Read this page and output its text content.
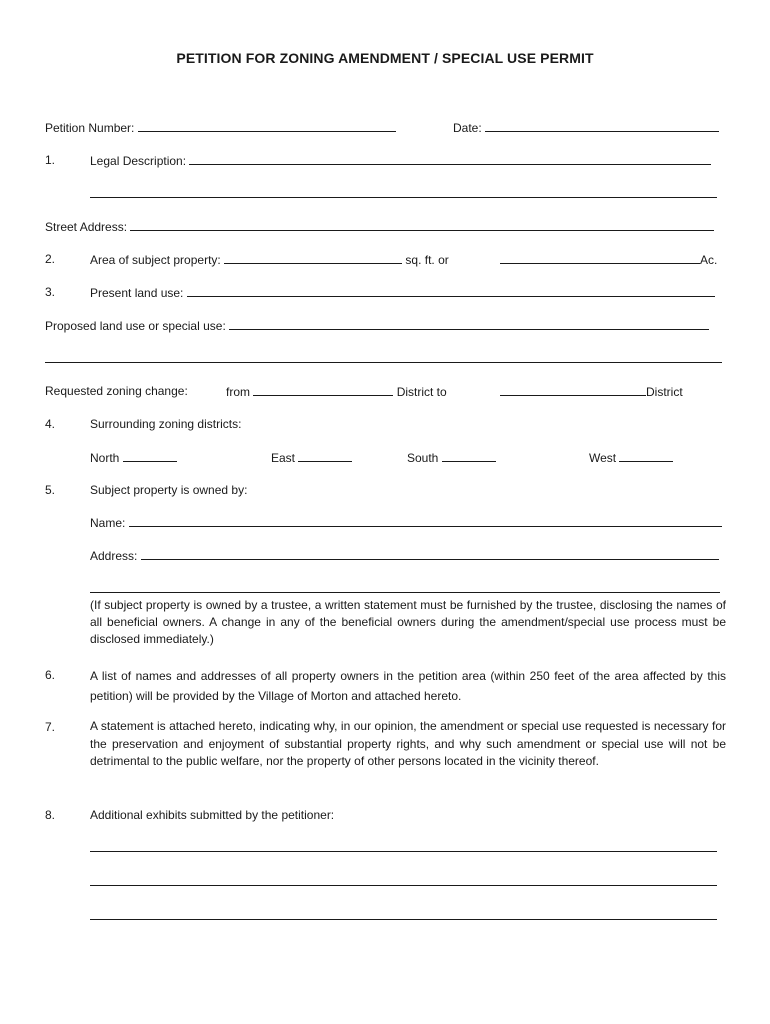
PETITION FOR ZONING AMENDMENT / SPECIAL USE PERMIT
Petition Number:	Date:
1.	Legal Description:
Street Address:
2.	Area of subject property:	sq. ft. or	Ac.
3.	Present land use:
Proposed land use or special use:
Requested zoning change:	from	District to	District
4.	Surrounding zoning districts:
North	East	South	West
5.	Subject property is owned by:
Name:
Address:
(If subject property is owned by a trustee, a written statement must be furnished by the trustee, disclosing the names of all beneficial owners. A change in any of the beneficial owners during the amendment/special use process must be disclosed immediately.)
6.	A list of names and addresses of all property owners in the petition area (within 250 feet of the area affected by this petition) will be provided by the Village of Morton and attached hereto.
7.	A statement is attached hereto, indicating why, in our opinion, the amendment or special use requested is necessary for the preservation and enjoyment of substantial property rights, and why such amendment or special use will not be detrimental to the public welfare, nor the property of other persons located in the vicinity thereof.
8.	Additional exhibits submitted by the petitioner:
